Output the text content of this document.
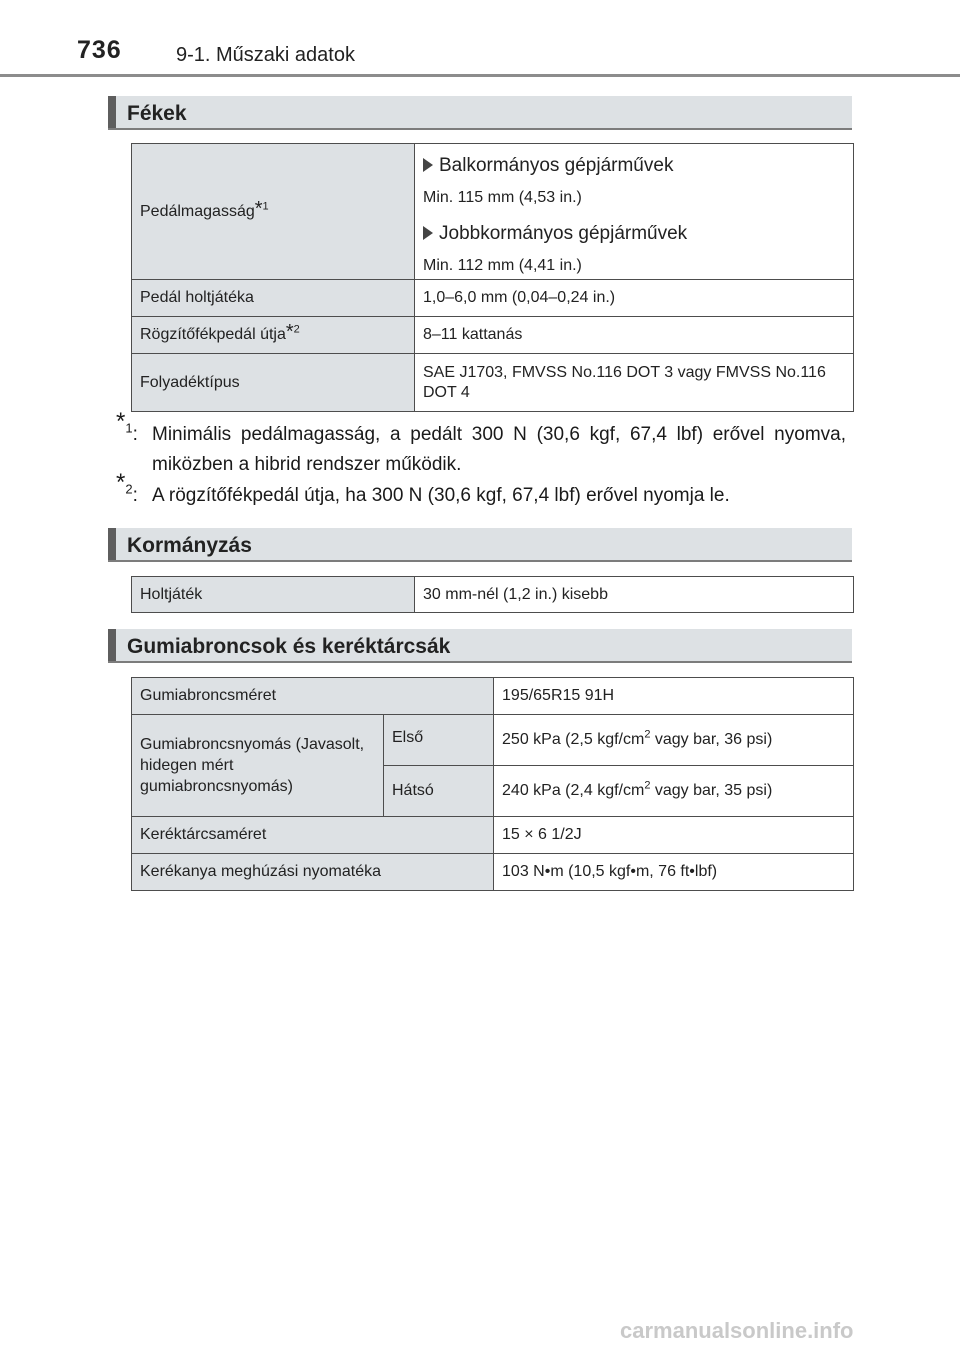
736	9-1. Műszaki adatok
Fékek
Pedálmagasság*$^1$	Balkormányos gépjárművek
Min. 115 mm (4,53 in.)
Jobbkormányos gépjárművek
Min. 112 mm (4,41 in.)

Pedál holtjátéka	1,0–6,0 mm (0,04–0,24 in.)
Rögzítőfékpedál útja*$^2$	8–11 kattanás
Folyadéktípus	SAE J1703, FMVSS No.116 DOT 3 vagy FMVSS No.116 DOT 4
*$^1$: Minimális pedálmagasság, a pedált 300 N (30,6 kgf, 67,4 lbf) erővel nyomva, miközben a hibrid rendszer működik.
*$^2$: A rögzítőfékpedál útja, ha 300 N (30,6 kgf, 67,4 lbf) erővel nyomja le.
Kormányzás
Holtjáték	30 mm-nél (1,2 in.) kisebb
Gumiabroncsok és keréktárcsák
Gumiabroncsméret		195/65R15 91H
Gumiabroncsnyomás (Javasolt, hidegen mért gumiabroncsnyomás)	Első	250 kPa (2,5 kgf/$cm^2$ vagy bar, 36 psi)
	Hátsó	240 kPa (2,4 kgf/$cm^2$ vagy bar, 35 psi)
Keréktárcsaméret		15 × 6 1/2J
Kerékanya meghúzási nyomatéka		103 N•m (10,5 kgf•m, 76 ft•lbf)
carmanualsonline.info
